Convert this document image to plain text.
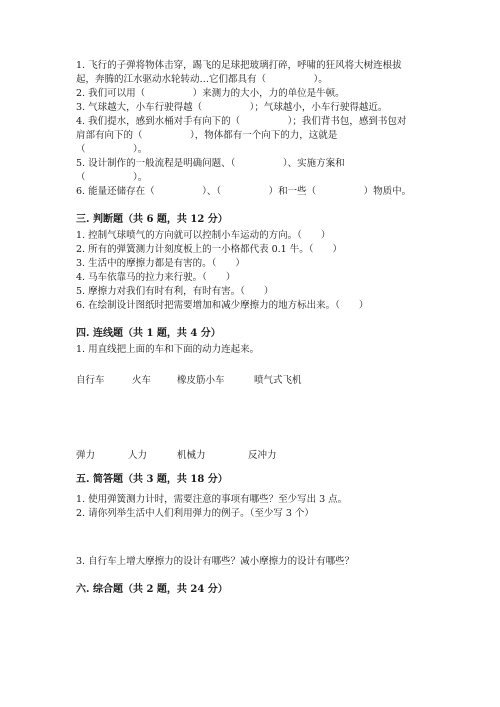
1. 飞行的子弹将物体击穿，踢飞的足球把玻璃打碎，呼啸的狂风将大树连根拔
起，奔腾的江水驱动水轮转动…它们都具有（　　　　　）。
2. 我们可以用（　　　　　）来测力的大小，力的单位是牛顿。
3. 气球越大，小车行驶得越（　　　　　）；气球越小，小车行驶得越近。
4. 我们提水，感到水桶对手有向下的（　　　　　）；我们背书包，感到书包对
肩部有向下的（　　　　　），物体都有一个向下的力，这就是
（　　　　　）。
5. 设计制作的一般流程是明确问题、（　　　　　）、实施方案和
（　　　　　）。
6. 能量还储存在（　　　　　）、（　　　　　）和一些（　　　　　）物质中。
三. 判断题（共 6 题，共 12 分）
1. 控制气球喷气的方向就可以控制小车运动的方向。（　　）
2. 所有的弹簧测力计刻度板上的一小格都代表 0.1 牛。（　　）
3. 生活中的摩擦力都是有害的。（　　）
4. 马车依靠马的拉力来行驶。（　　）
5. 摩擦力对我们有时有利，有时有害。（　　）
6. 在绘制设计图纸时把需要增加和减少摩擦力的地方标出来。（　　）
四. 连线题（共 1 题，共 4 分）
1. 用直线把上面的车和下面的动力连起来。
自行车	火车	橡皮筋小车	喷气式飞机
弹力	人力	机械力	反冲力
五. 简答题（共 3 题，共 18 分）
1. 使用弹簧测力计时，需要注意的事项有哪些？至少写出 3 点。
2. 请你列举生活中人们利用弹力的例子。（至少写 3 个）
3. 自行车上增大摩擦力的设计有哪些？减小摩擦力的设计有哪些？
六. 综合题（共 2 题，共 24 分）
